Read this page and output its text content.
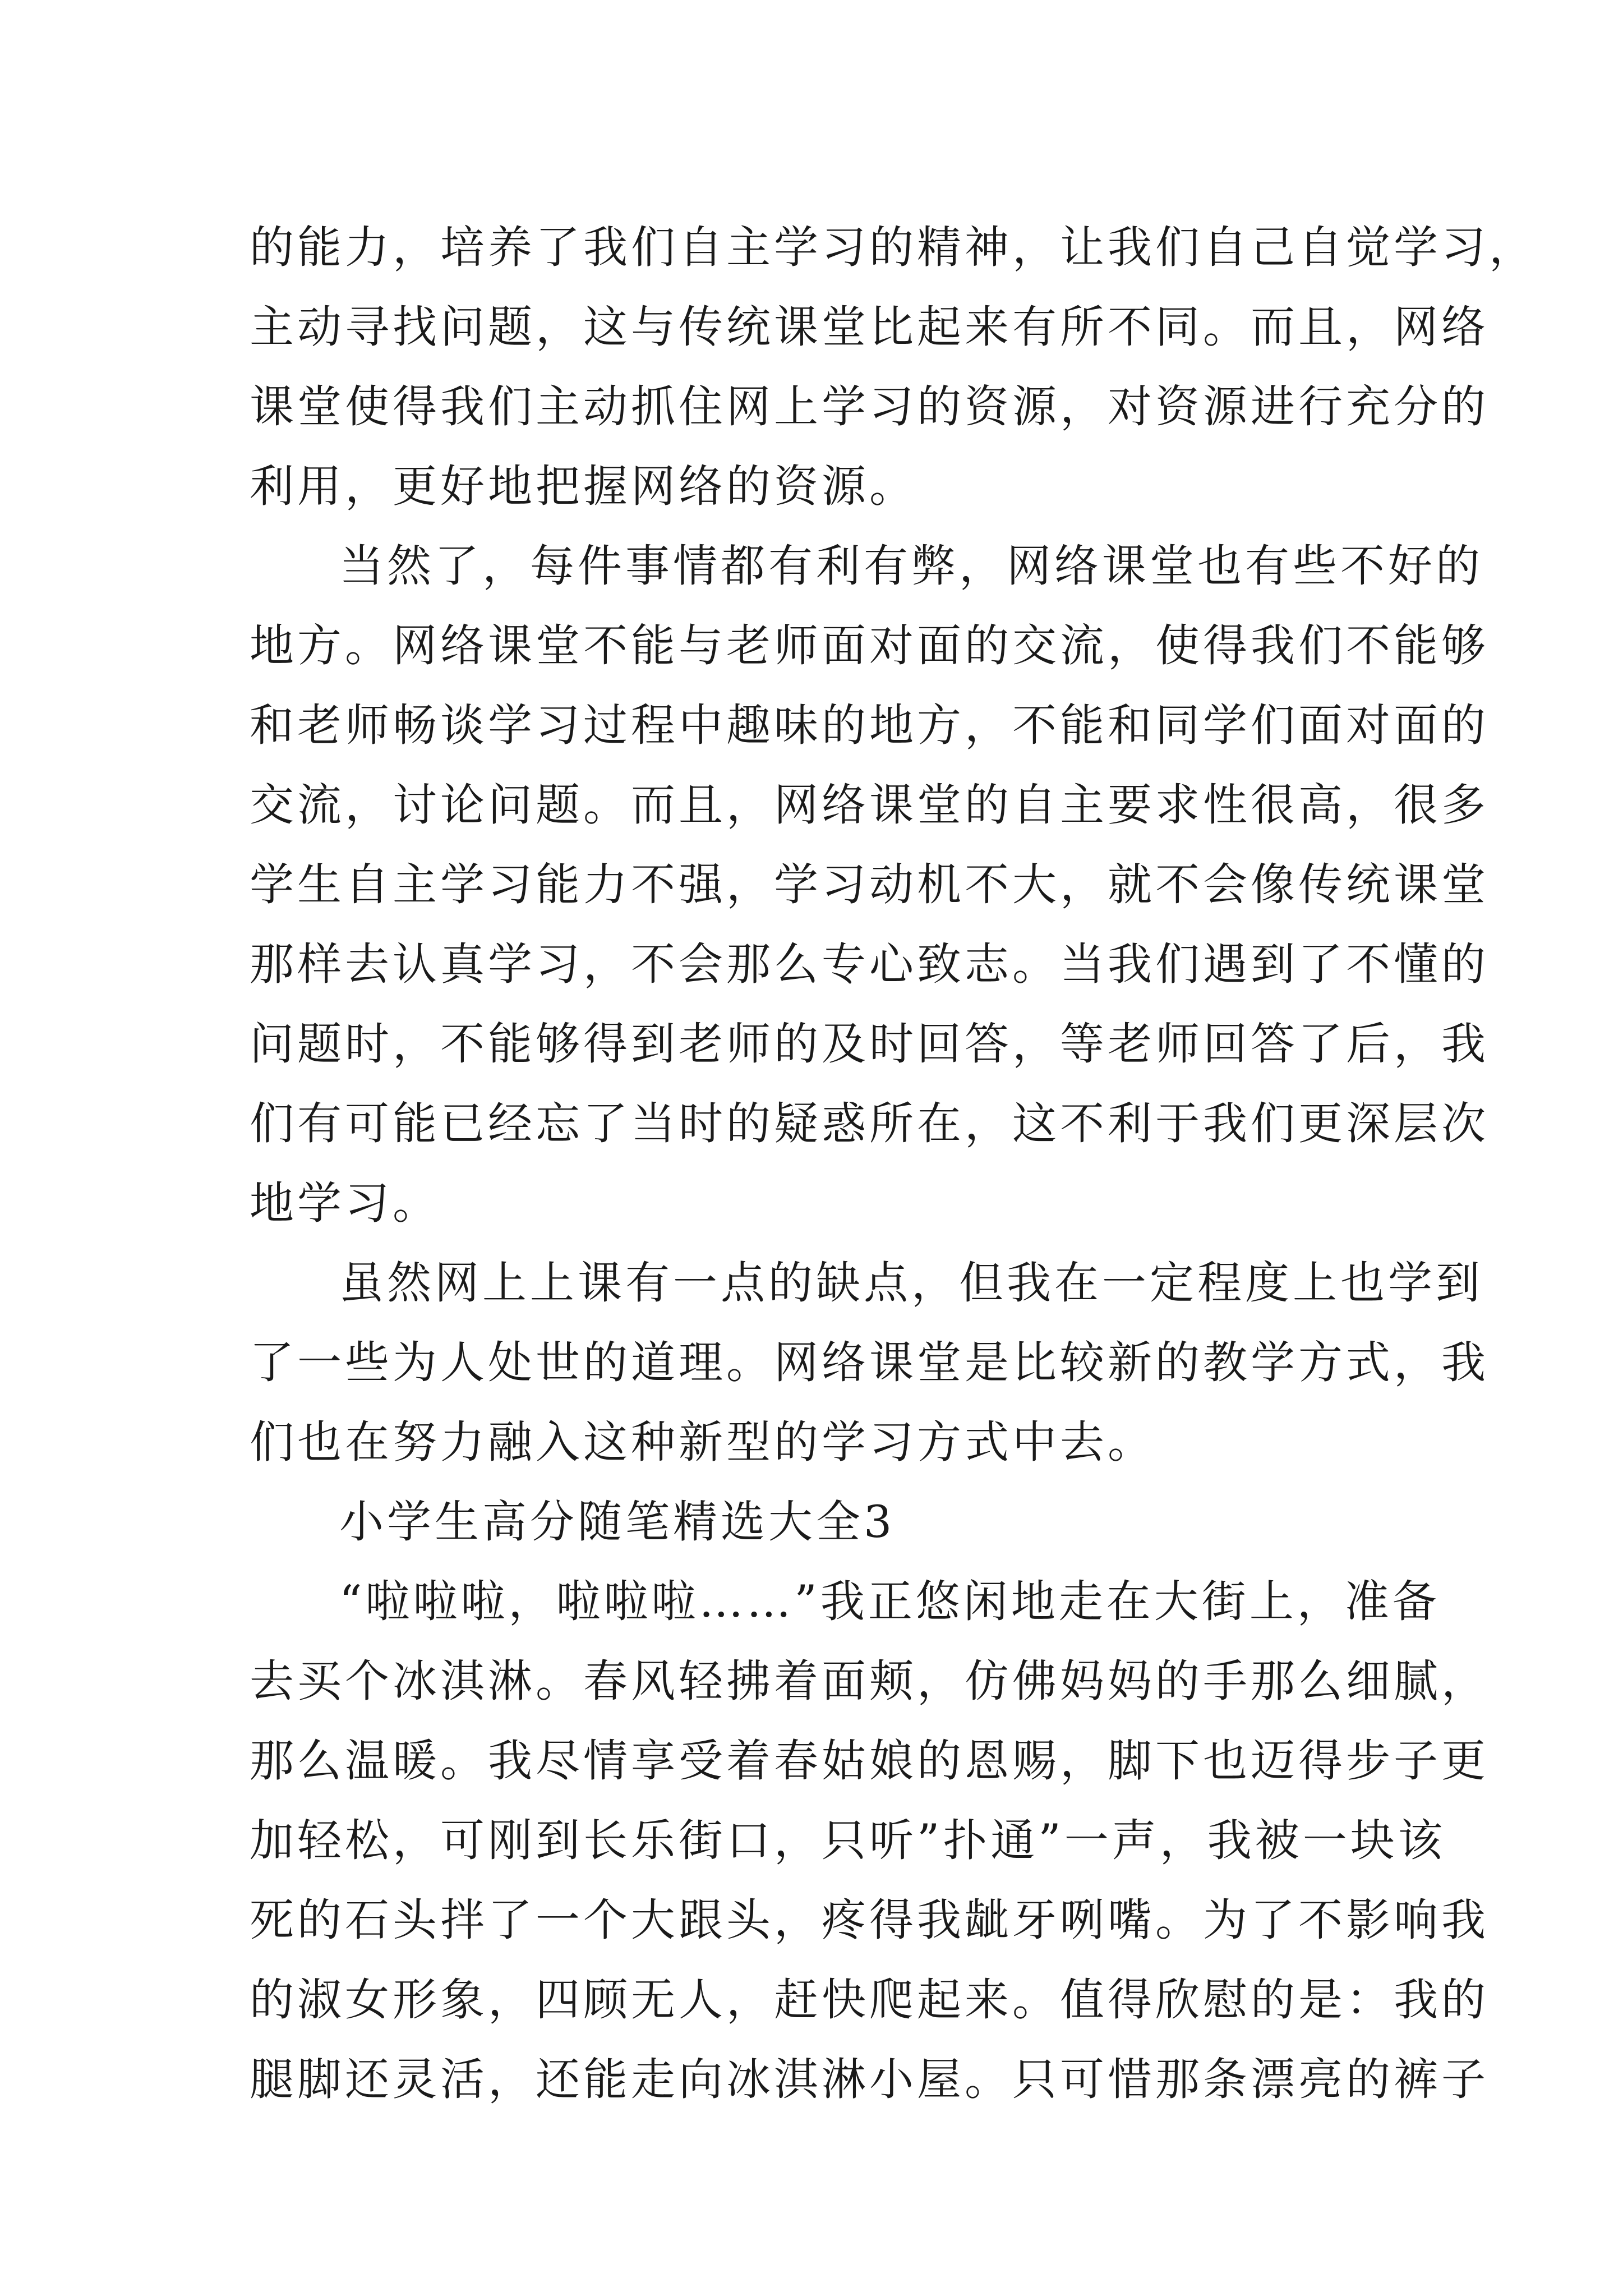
的能力，培养了我们自主学习的精神，让我们自己自觉学习，
主动寻找问题，这与传统课堂比起来有所不同。而且，网络
课堂使得我们主动抓住网上学习的资源，对资源进行充分的
利用，更好地把握网络的资源。
当然了，每件事情都有利有弊，网络课堂也有些不好的
地方。网络课堂不能与老师面对面的交流，使得我们不能够
和老师畅谈学习过程中趣味的地方，不能和同学们面对面的
交流，讨论问题。而且，网络课堂的自主要求性很高，很多
学生自主学习能力不强，学习动机不大，就不会像传统课堂
那样去认真学习，不会那么专心致志。当我们遇到了不懂的
问题时，不能够得到老师的及时回答，等老师回答了后，我
们有可能已经忘了当时的疑惑所在，这不利于我们更深层次
地学习。
虽然网上上课有一点的缺点，但我在一定程度上也学到
了一些为人处世的道理。网络课堂是比较新的教学方式，我
们也在努力融入这种新型的学习方式中去。
小学生高分随笔精选大全3
“啦啦啦，啦啦啦……”我正悠闲地走在大街上，准备
去买个冰淇淋。春风轻拂着面颊，仿佛妈妈的手那么细腻，
那么温暖。我尽情享受着春姑娘的恩赐，脚下也迈得步子更
加轻松，可刚到长乐街口，只听”扑通”一声，我被一块该
死的石头拌了一个大跟头，疼得我龇牙咧嘴。为了不影响我
的淑女形象，四顾无人，赶快爬起来。值得欣慰的是：我的
腿脚还灵活，还能走向冰淇淋小屋。只可惜那条漂亮的裤子
